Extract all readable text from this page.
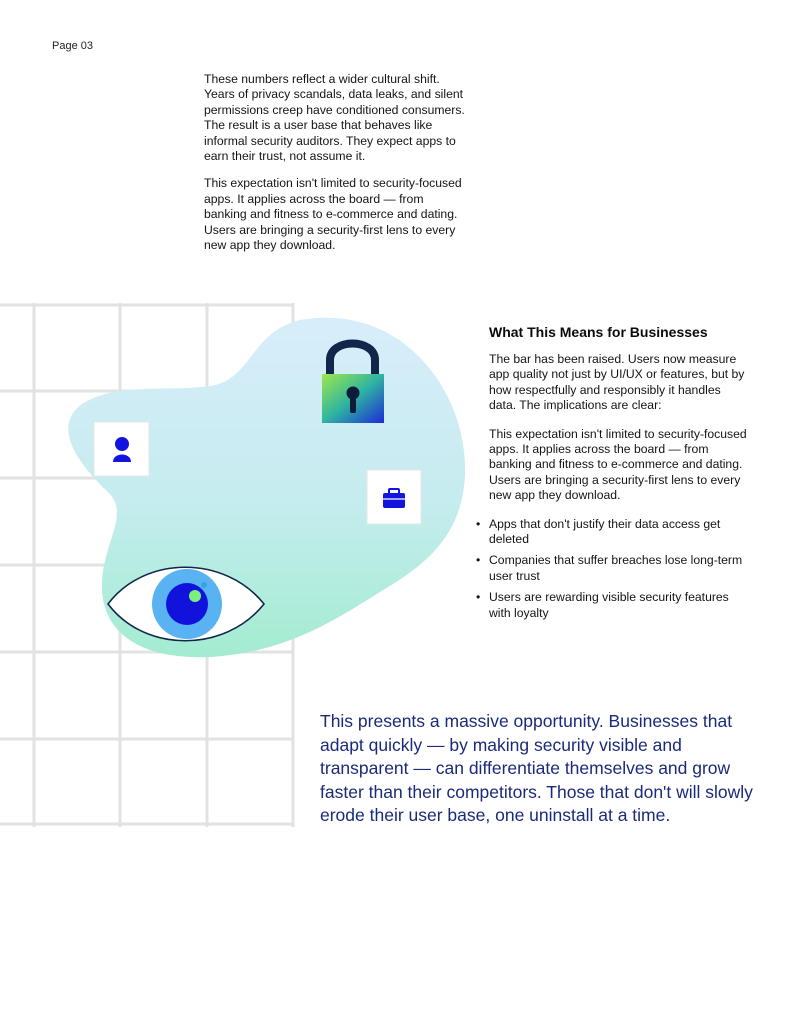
Page 03

These numbers reflect a wider cultural shift. Years of privacy scandals, data leaks, and silent permissions creep have conditioned consumers. The result is a user base that behaves like informal security auditors. They expect apps to earn their trust, not assume it.

This expectation isn't limited to security-focused apps. It applies across the board — from banking and fitness to e-commerce and dating. Users are bringing a security-first lens to every new app they download.

What This Means for Businesses

The bar has been raised. Users now measure app quality not just by UI/UX or features, but by how respectfully and responsibly it handles data. The implications are clear:

This expectation isn't limited to security-focused apps. It applies across the board — from banking and fitness to e-commerce and dating. Users are bringing a security-first lens to every new app they download.

• Apps that don't justify their data access get deleted
• Companies that suffer breaches lose long-term user trust
• Users are rewarding visible security features with loyalty
This presents a massive opportunity. Businesses that adapt quickly — by making security visible and transparent — can differentiate themselves and grow faster than their competitors. Those that don't will slowly erode their user base, one uninstall at a time.
